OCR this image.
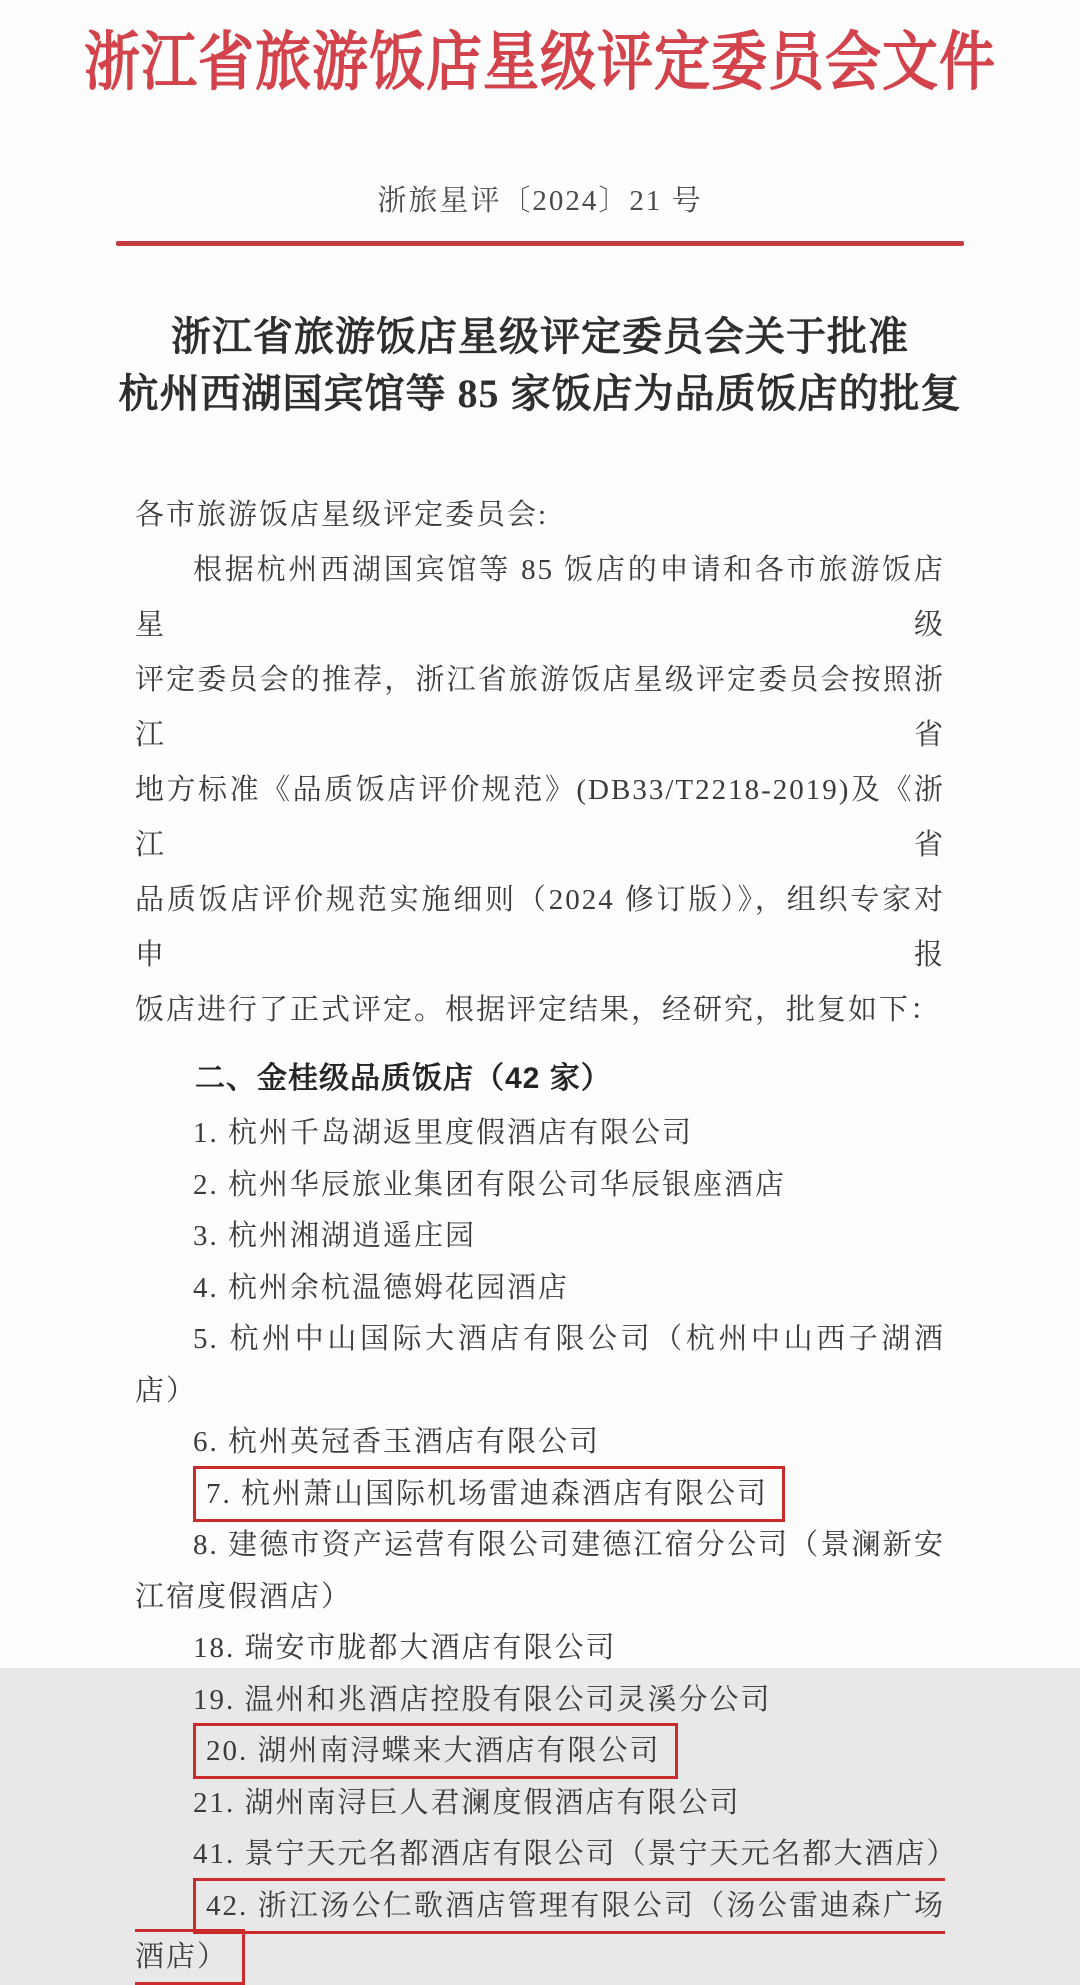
浙江省旅游饭店星级评定委员会文件
浙旅星评〔2024〕21 号
浙江省旅游饭店星级评定委员会关于批准
杭州西湖国宾馆等 85 家饭店为品质饭店的批复
各市旅游饭店星级评定委员会:
根据杭州西湖国宾馆等 85 饭店的申请和各市旅游饭店星级
评定委员会的推荐，浙江省旅游饭店星级评定委员会按照浙江省
地方标准《品质饭店评价规范》(DB33/T2218-2019)及《浙江省
品质饭店评价规范实施细则（2024 修订版）》，组织专家对申报
饭店进行了正式评定。根据评定结果，经研究，批复如下：
二、金桂级品质饭店（42 家）
1. 杭州千岛湖返里度假酒店有限公司
2. 杭州华辰旅业集团有限公司华辰银座酒店
3. 杭州湘湖逍遥庄园
4. 杭州余杭温德姆花园酒店
5. 杭州中山国际大酒店有限公司（杭州中山西子湖酒店）
6. 杭州英冠香玉酒店有限公司
7. 杭州萧山国际机场雷迪森酒店有限公司
8. 建德市资产运营有限公司建德江宿分公司（景澜新安江宿度假酒店）
18. 瑞安市胧都大酒店有限公司
19. 温州和兆酒店控股有限公司灵溪分公司
20. 湖州南浔蝶来大酒店有限公司
21. 湖州南浔巨人君澜度假酒店有限公司
41. 景宁天元名都酒店有限公司（景宁天元名都大酒店）
42. 浙江汤公仁歌酒店管理有限公司（汤公雷迪森广场酒店）
